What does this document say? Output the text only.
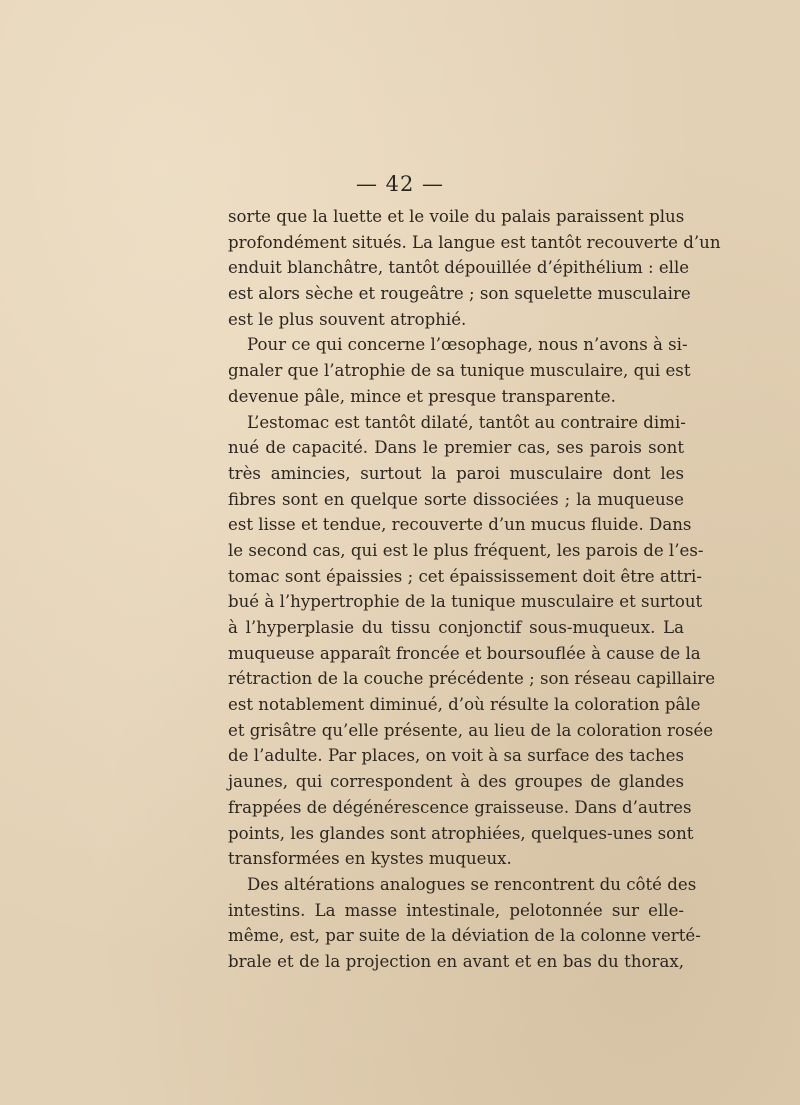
— 42 —
sorte que la luette et le voile du palais paraissent plus
profondément situés. La langue est tantôt recouverte d’un
enduit blanchâtre, tantôt dépouillée d’épithélium : elle
est alors sèche et rougeâtre ; son squelette musculaire
est le plus souvent atrophié.
Pour ce qui concerne l’œsophage, nous n’avons à si-
gnaler que l’atrophie de sa tunique musculaire, qui est
devenue pâle, mince et presque transparente.
L’estomac est tantôt dilaté, tantôt au contraire dimi-
nué de capacité. Dans le premier cas, ses parois sont
très amincies, surtout la paroi musculaire dont les
fibres sont en quelque sorte dissociées ; la muqueuse
est lisse et tendue, recouverte d’un mucus fluide. Dans
le second cas, qui est le plus fréquent, les parois de l’es-
tomac sont épaissies ; cet épaississement doit être attri-
bué à l’hypertrophie de la tunique musculaire et surtout
à l’hyperplasie du tissu conjonctif sous-muqueux. La
muqueuse apparaît froncée et boursouflée à cause de la
rétraction de la couche précédente ; son réseau capillaire
est notablement diminué, d’où résulte la coloration pâle
et grisâtre qu’elle présente, au lieu de la coloration rosée
de l’adulte. Par places, on voit à sa surface des taches
jaunes, qui correspondent à des groupes de glandes
frappées de dégénérescence graisseuse. Dans d’autres
points, les glandes sont atrophiées, quelques-unes sont
transformées en kystes muqueux.
Des altérations analogues se rencontrent du côté des
intestins. La masse intestinale, pelotonnée sur elle-
même, est, par suite de la déviation de la colonne verté-
brale et de la projection en avant et en bas du thorax,
